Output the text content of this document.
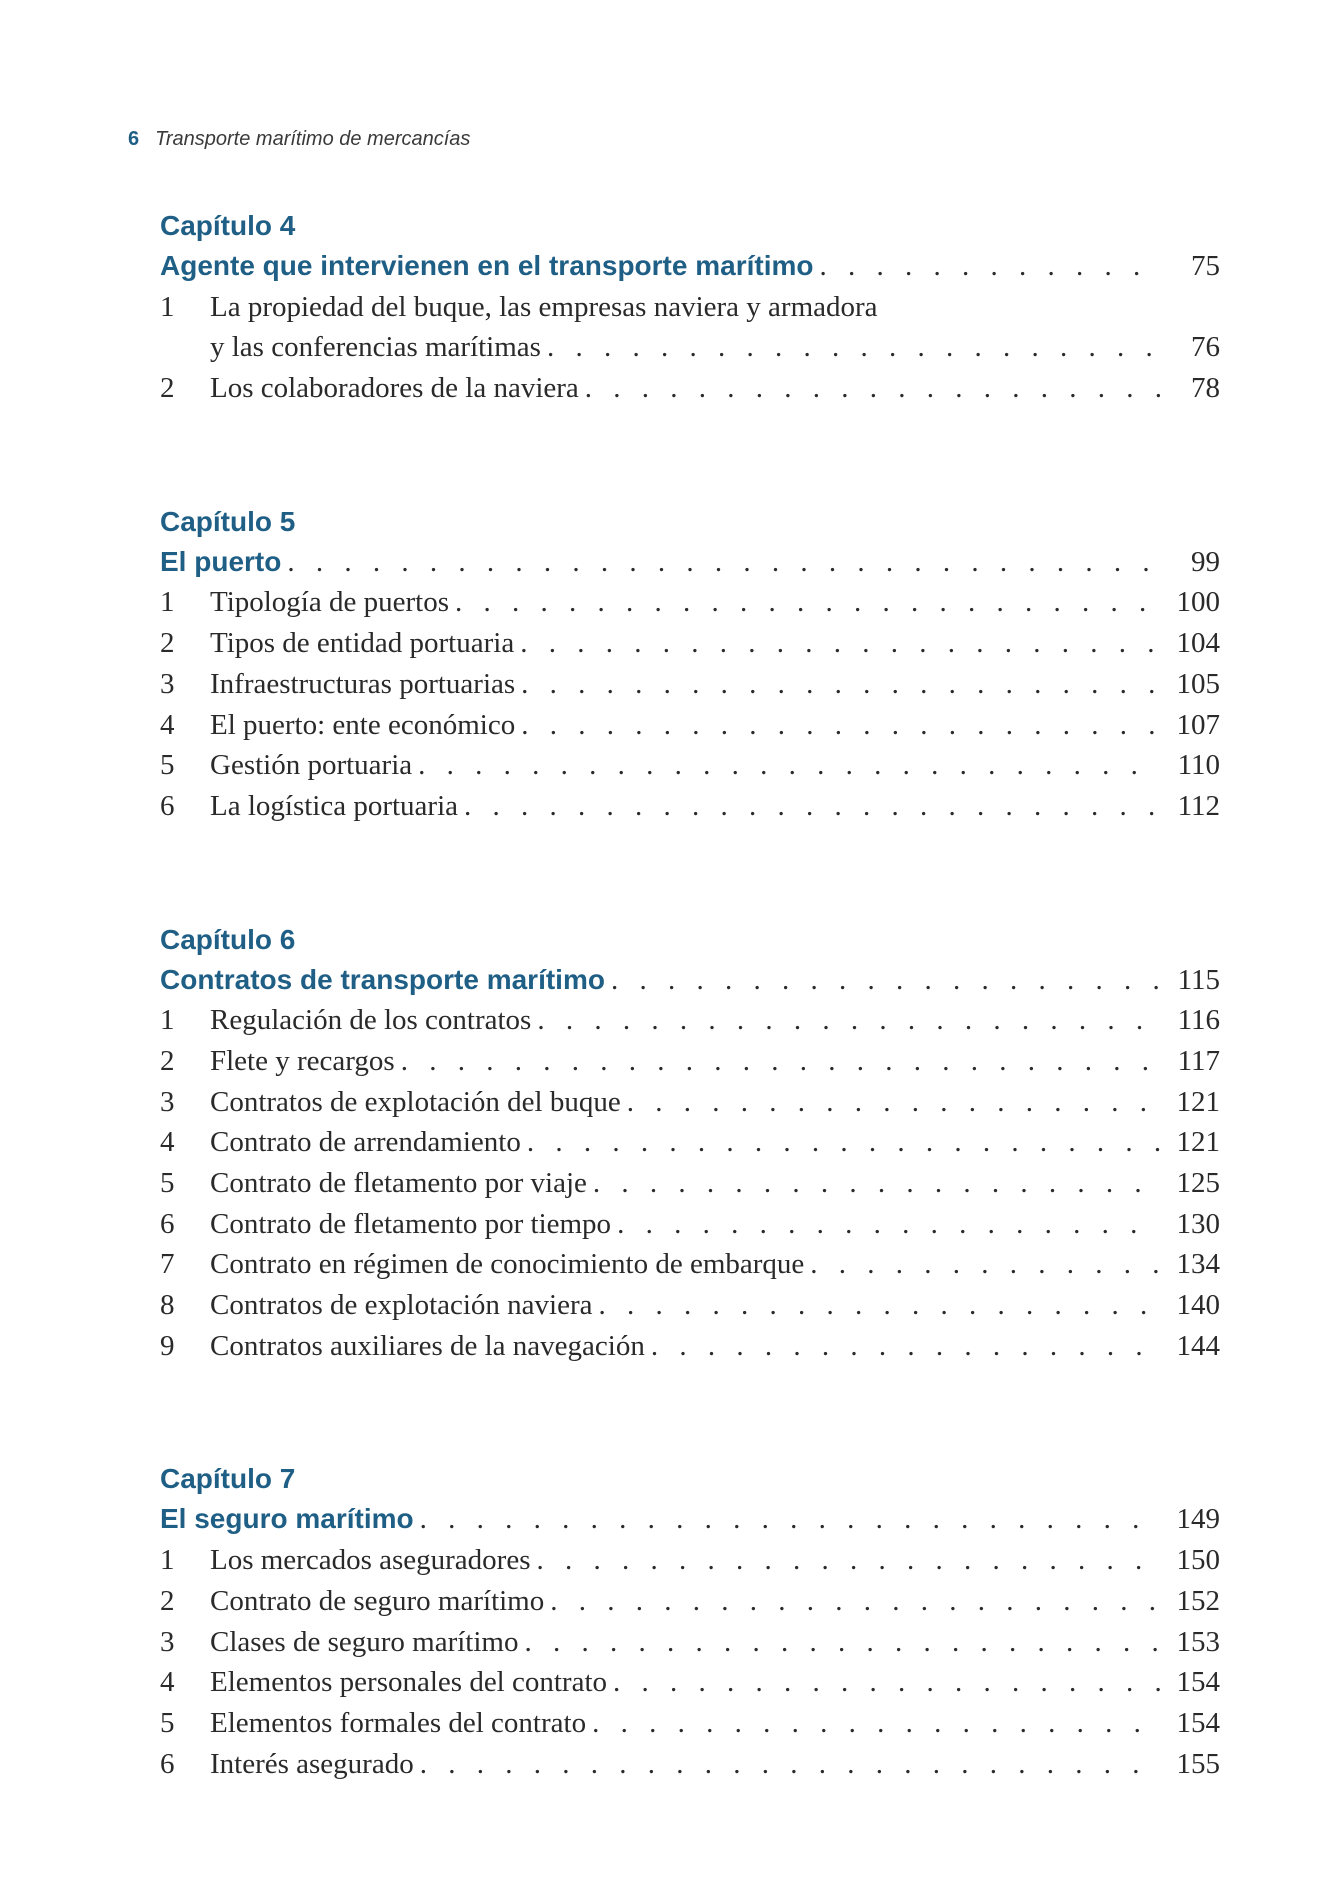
6 Transporte marítimo de mercancías
Capítulo 4
Agente que intervienen en el transporte marítimo . . .	75
1	La propiedad del buque, las empresas naviera y armadora
y las conferencias marítimas . . .	76
2	Los colaboradores de la naviera . . .	78
Capítulo 5
El puerto . . .	99
1	Tipología de puertos . . .	100
2	Tipos de entidad portuaria . . .	104
3	Infraestructuras portuarias . . .	105
4	El puerto: ente económico . . .	107
5	Gestión portuaria . . .	110
6	La logística portuaria . . .	112
Capítulo 6
Contratos de transporte marítimo . . .	115
1	Regulación de los contratos . . .	116
2	Flete y recargos . . .	117
3	Contratos de explotación del buque . . .	121
4	Contrato de arrendamiento . . .	121
5	Contrato de fletamento por viaje . . .	125
6	Contrato de fletamento por tiempo . . .	130
7	Contrato en régimen de conocimiento de embarque . . .	134
8	Contratos de explotación naviera . . .	140
9	Contratos auxiliares de la navegación . . .	144
Capítulo 7
El seguro marítimo . . .	149
1	Los mercados aseguradores . . .	150
2	Contrato de seguro marítimo . . .	152
3	Clases de seguro marítimo . . .	153
4	Elementos personales del contrato . . .	154
5	Elementos formales del contrato . . .	154
6	Interés asegurado . . .	155
